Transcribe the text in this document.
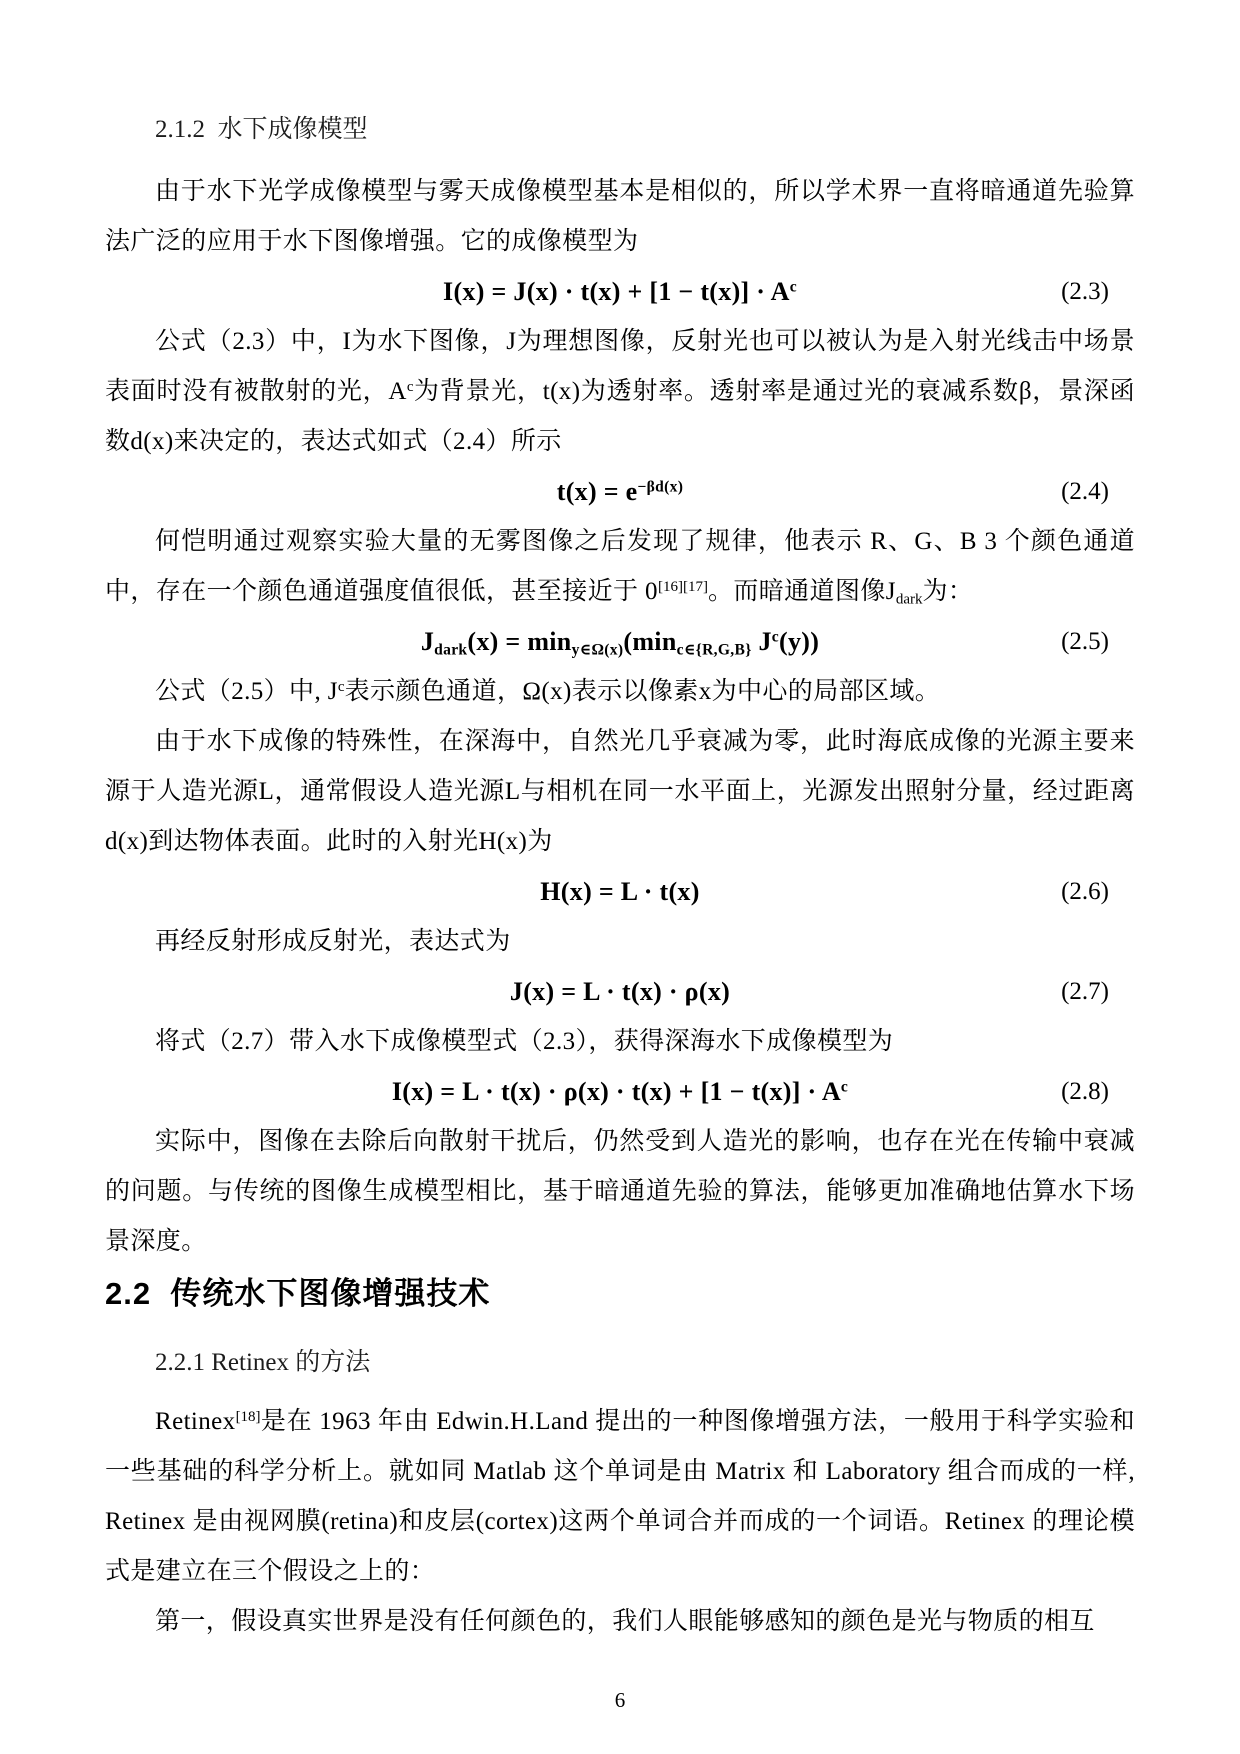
2.1.2  水下成像模型

由于水下光学成像模型与雾天成像模型基本是相似的，所以学术界一直将暗通道先验算法广泛的应用于水下图像增强。它的成像模型为

$I(x) = J(x) \cdot t(x) + [1 - t(x)] \cdot A^c$	(2.3)

公式（2.3）中，I为水下图像，J为理想图像，反射光也可以被认为是入射光线击中场景表面时没有被散射的光，$A^c$为背景光，t(x)为透射率。透射率是通过光的衰减系数β，景深函数d(x)来决定的，表达式如式（2.4）所示

$t(x) = e^{-\beta d(x)}$	(2.4)

何恺明通过观察实验大量的无雾图像之后发现了规律，他表示 R、G、B 3 个颜色通道中，存在一个颜色通道强度值很低，甚至接近于 0[16][17]。而暗通道图像$J_{dark}$为：

$J_{dark}(x) = \min_{y\in\Omega(x)}(\min_{c\in\{R,G,B\}}$ $J^c(y)$)	(2.5)

公式（2.5）中, $J^c$表示颜色通道，Ω(x)表示以像素x为中心的局部区域。

由于水下成像的特殊性，在深海中，自然光几乎衰减为零，此时海底成像的光源主要来源于人造光源L，通常假设人造光源L与相机在同一水平面上，光源发出照射分量，经过距离d(x)到达物体表面。此时的入射光H(x)为

H(x) = L · t(x)	(2.6)

再经反射形成反射光，表达式为

J(x) = L · t(x) · ρ(x)	(2.7)

将式（2.7）带入水下成像模型式（2.3），获得深海水下成像模型为

$I(x) = L \cdot t(x) \cdot \rho(x) \cdot t(x) + [1 - t(x)] \cdot A^c$	(2.8)

实际中，图像在去除后向散射干扰后，仍然受到人造光的影响，也存在光在传输中衰减的问题。与传统的图像生成模型相比，基于暗通道先验的算法，能够更加准确地估算水下场景深度。

2.2  传统水下图像增强技术
2.2.1 Retinex 的方法

Retinex[18]是在 1963 年由 Edwin.H.Land 提出的一种图像增强方法，一般用于科学实验和一些基础的科学分析上。就如同 Matlab 这个单词是由 Matrix 和 Laboratory 组合而成的一样, Retinex 是由视网膜(retina)和皮层(cortex)这两个单词合并而成的一个词语。Retinex 的理论模式是建立在三个假设之上的：

第一，假设真实世界是没有任何颜色的，我们人眼能够感知的颜色是光与物质的相互

6
